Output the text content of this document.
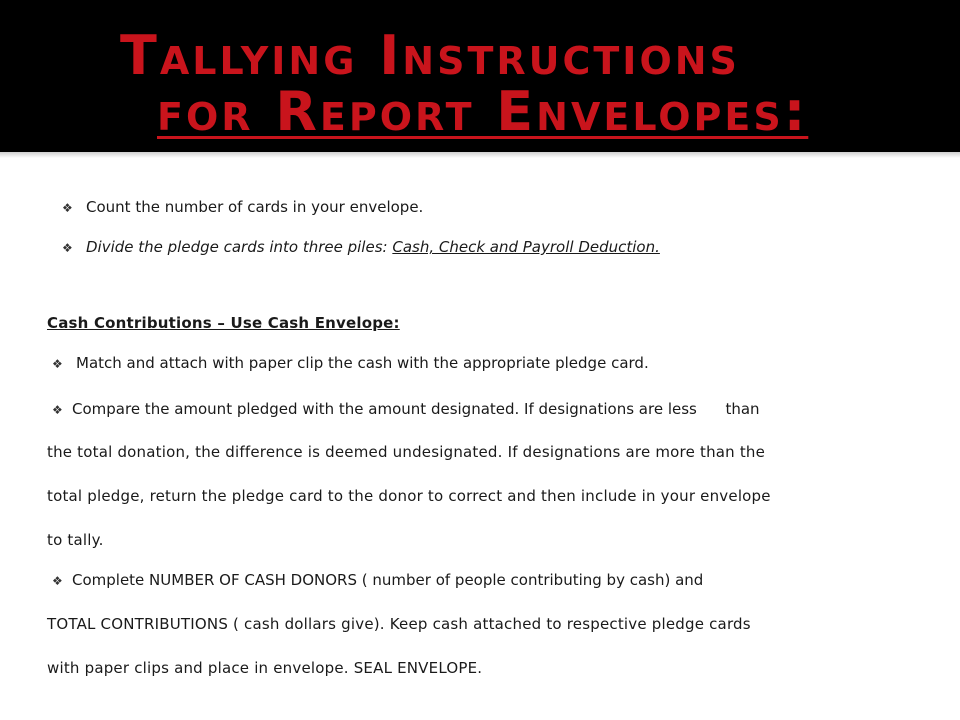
Tallying Instructions
for Report Envelopes:
❖ Count the number of cards in your envelope.
❖ Divide the pledge cards into three piles: Cash, Check and Payroll Deduction.
Cash Contributions – Use Cash Envelope:
❖ Match and attach with paper clip the cash with the appropriate pledge card.
❖ Compare the amount pledged with the amount designated. If designations are less      than
the total donation, the difference is deemed undesignated. If designations are more than the
total pledge, return the pledge card to the donor to correct and then include in your envelope
to tally.
❖ Complete NUMBER OF CASH DONORS ( number of people contributing by cash) and
TOTAL CONTRIBUTIONS ( cash dollars give). Keep cash attached to respective pledge cards
with paper clips and place in envelope. SEAL ENVELOPE.
